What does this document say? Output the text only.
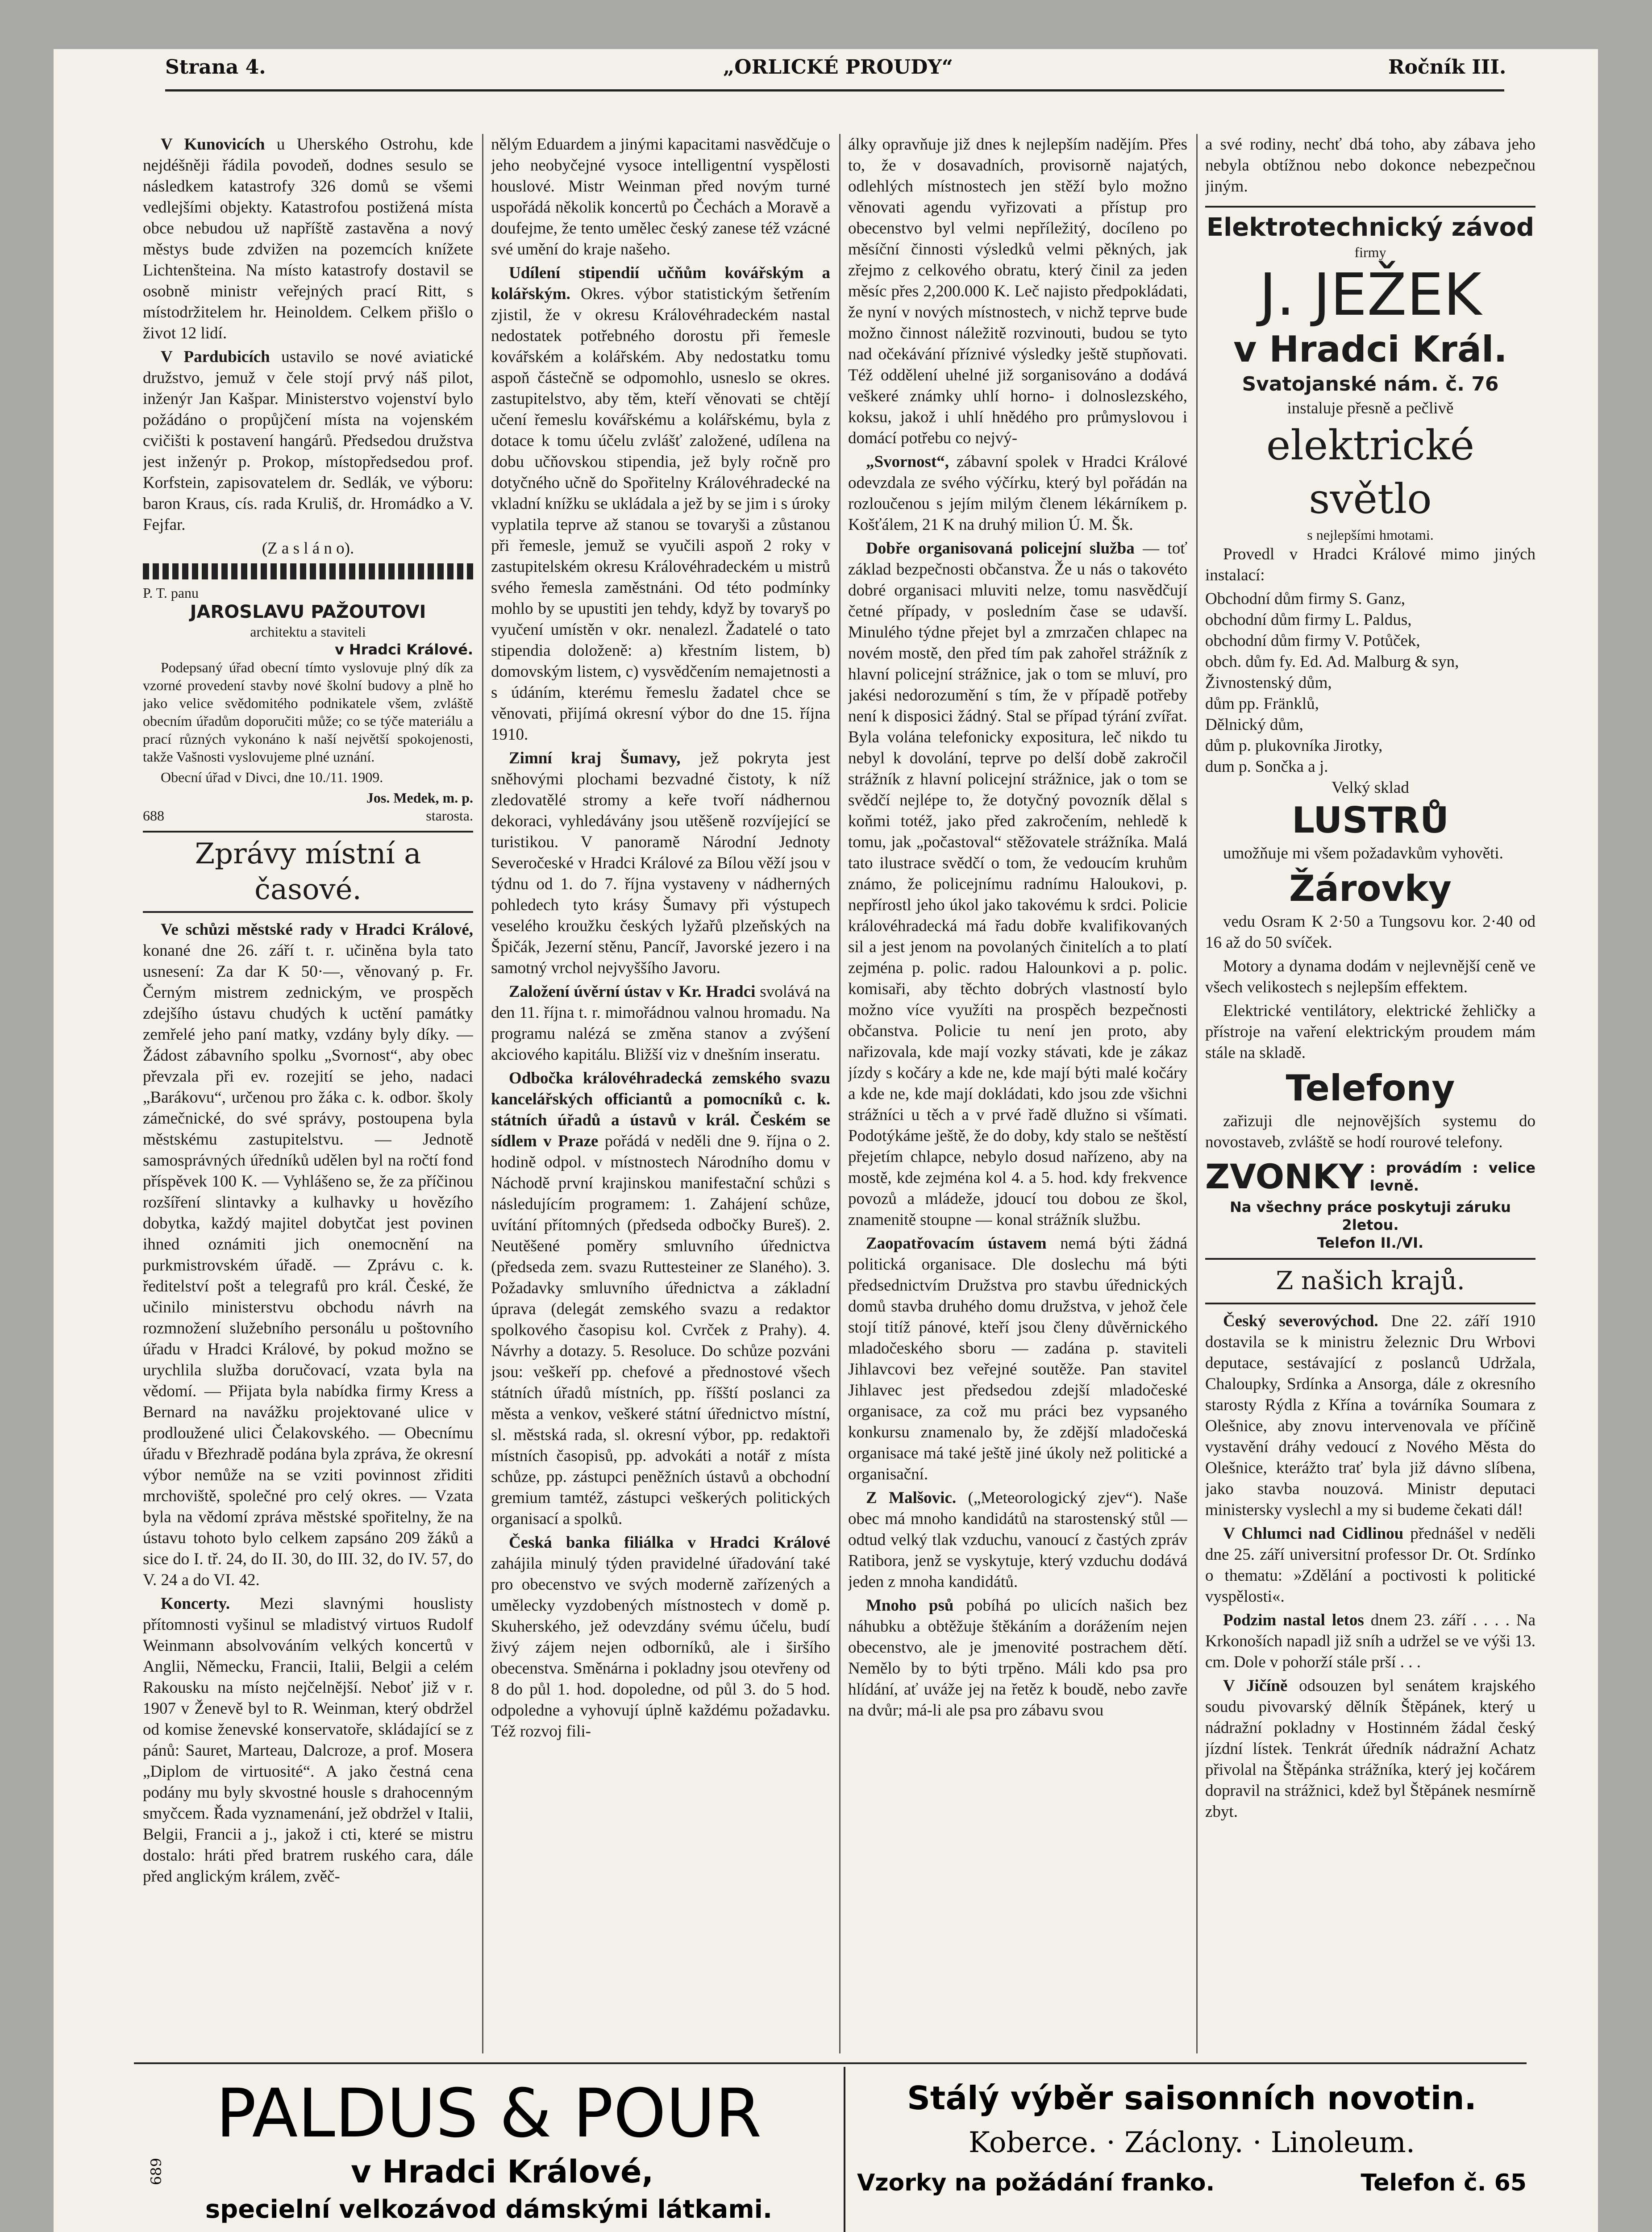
Strana 4.	„ORLICKÉ PROUDY“	Ročník III.

V Kunovicích u Uherského Ostrohu, kde nejdéšněji řádila povodeň, dodnes sesulo se následkem katastrofy 326 domů se všemi vedlejšími objekty. Katastrofou postižená místa obce nebudou už napříště zastavěna a nový městys bude zdvižen na pozemcích knížete Lichtenšteina. Na místo katastrofy dostavil se osobně ministr veřejných prací Ritt, s místodržitelem hr. Heinoldem. Celkem přišlo o život 12 lidí.

V Pardubicích ustavilo se nové aviatické družstvo, jemuž v čele stojí prvý náš pilot, inženýr Jan Kašpar. Ministerstvo vojenství bylo požádáno o propůjčení místa na vojenském cvičišti k postavení hangárů. Předsedou družstva jest inženýr p. Prokop, místopředsedou prof. Korfstein, zapisovatelem dr. Sedlák, ve výboru: baron Kraus, cís. rada Kruliš, dr. Hromádko a V. Fejfar.

(Z a s l á n o).

P. T. panu
JAROSLAVU PAŽOUTOVI
architektu a staviteli
v Hradci Králové.

Podepsaný úřad obecní tímto vyslovuje plný dík za vzorné provedení stavby nové školní budovy a plně ho jako velice svědomitého podnikatele všem, zvláště obecním úřadům doporučiti může; co se týče materiálu a prací různých vykonáno k naší největší spokojenosti, takže Vašnosti vyslovujeme plné uznání.

Obecní úřad v Divci, dne 10./11. 1909.

Jos. Medek, m. p.
688	starosta.
Zprávy místní a časové.

Ve schůzi městské rady v Hradci Králové, konané dne 26. září t. r. učiněna byla tato usnesení: Za dar K 50·—, věnovaný p. Fr. Černým mistrem zednickým, ve prospěch zdejšího ústavu chudých k uctění památky zemřelé jeho paní matky, vzdány byly díky. — Žádost zábavního spolku „Svornost“, aby obec převzala při ev. rozejití se jeho, nadaci „Barákovu“, určenou pro žáka c. k. odbor. školy zámečnické, do své správy, postoupena byla městskému zastupitelstvu. — Jednotě samosprávných úředníků udělen byl na ročtí fond příspěvek 100 K. — Vyhlášeno se, že za příčinou rozšíření slintavky a kulhavky u hovězího dobytka, každý majitel dobytčat jest povinen ihned oznámiti jich onemocnění na purkmistrovském úřadě. — Zprávu c. k. ředitelství pošt a telegrafů pro král. České, že učinilo ministerstvu obchodu návrh na rozmnožení služebního personálu u poštovního úřadu v Hradci Králové, by pokud možno se urychlila služba doručovací, vzata byla na vědomí. — Přijata byla nabídka firmy Kress a Bernard na navážku projektované ulice v prodloužené ulici Čelakovského. — Obecnímu úřadu v Březhradě podána byla zpráva, že okresní výbor nemůže na se vziti povinnost zřiditi mrchoviště, společné pro celý okres. — Vzata byla na vědomí zpráva městské spořitelny, že na ústavu tohoto bylo celkem zapsáno 209 žáků a sice do I. tř. 24, do II. 30, do III. 32, do IV. 57, do V. 24 a do VI. 42.

Koncerty. Mezi slavnými houslisty přítomnosti vyšinul se mladistvý virtuos Rudolf Weinmann absolvováním velkých koncertů v Anglii, Německu, Francii, Italii, Belgii a celém Rakousku na místo nejčelnější. Neboť již v r. 1907 v Ženevě byl to R. Weinman, který obdržel od komise ženevské konservatoře, skládající se z pánů: Sauret, Marteau, Dalcroze, a prof. Mosera „Diplom de virtuosité“. A jako čestná cena podány mu byly skvostné housle s drahocenným smyčcem. Řada vyznamenání, jež obdržel v Italii, Belgii, Francii a j., jakož i cti, které se mistru dostalo: hráti před bratrem ruského cara, dále před anglickým králem, zvěč-

nělým Eduardem a jinými kapacitami nasvědčuje o jeho neobyčejné vysoce intelligentní vyspělosti houslové. Mistr Weinman před novým turné uspořádá několik koncertů po Čechách a Moravě a doufejme, že tento umělec český zanese též vzácné své umění do kraje našeho.

Udílení stipendií učňům kovářským a kolářským. Okres. výbor statistickým šetřením zjistil, že v okresu Královéhradeckém nastal nedostatek potřebného dorostu při řemesle kovářském a kolářském. Aby nedostatku tomu aspoň částečně se odpomohlo, usneslo se okres. zastupitelstvo, aby těm, kteří věnovati se chtějí učení řemeslu kovářskému a kolářskému, byla z dotace k tomu účelu zvlášť založené, udílena na dobu učňovskou stipendia, jež byly ročně pro dotyčného učně do Spořitelny Královéhradecké na vkladní knížku se ukládala a jež by se jim i s úroky vyplatila teprve až stanou se tovaryši a zůstanou při řemesle, jemuž se vyučili aspoň 2 roky v zastupitelském okresu Královéhradeckém u mistrů svého řemesla zaměstnáni. Od této podmínky mohlo by se upustiti jen tehdy, když by tovaryš po vyučení umístěn v okr. nenalezl. Žadatelé o tato stipendia doloženě: a) křestním listem, b) domovským listem, c) vysvědčením nemajetnosti a s údáním, kterému řemeslu žadatel chce se věnovati, přijímá okresní výbor do dne 15. října 1910.

Zimní kraj Šumavy, jež pokryta jest sněhovými plochami bezvadné čistoty, k níž zledovatělé stromy a keře tvoří nádhernou dekoraci, vyhledávány jsou utěšeně rozvíjející se turistikou. V panoramě Národní Jednoty Severočeské v Hradci Králové za Bílou věží jsou v týdnu od 1. do 7. října vystaveny v nádherných pohledech tyto krásy Šumavy při výstupech veselého kroužku českých lyžařů plzeňských na Špičák, Jezerní stěnu, Pancíř, Javorské jezero i na samotný vrchol nejvyššího Javoru.

Založení úvěrní ústav v Kr. Hradci svolává na den 11. října t. r. mimořádnou valnou hromadu. Na programu nalézá se změna stanov a zvýšení akciového kapitálu. Bližší viz v dnešním inseratu.

Odbočka královéhradecká zemského svazu kancelářských officiantů a pomocníků c. k. státních úřadů a ústavů v král. Českém se sídlem v Praze pořádá v neděli dne 9. října o 2. hodině odpol. v místnostech Národního domu v Náchodě první krajinskou manifestační schůzi s následujícím programem: 1. Zahájení schůze, uvítání přítomných (předseda odbočky Bureš). 2. Neutěšené poměry smluvního úřednictva (předseda zem. svazu Ruttesteiner ze Slaného). 3. Požadavky smluvního úřednictva a základní úprava (delegát zemského svazu a redaktor spolkového časopisu kol. Cvrček z Prahy). 4. Návrhy a dotazy. 5. Resoluce. Do schůze pozváni jsou: veškeří pp. chefové a přednostové všech státních úřadů místních, pp. říšští poslanci za města a venkov, veškeré státní úřednictvo místní, sl. městská rada, sl. okresní výbor, pp. redaktoři místních časopisů, pp. advokáti a notář z místa schůze, pp. zástupci peněžních ústavů a obchodní gremium tamtéž, zástupci veškerých politických organisací a spolků.

Česká banka filiálka v Hradci Králové zahájila minulý týden pravidelné úřadování také pro obecenstvo ve svých moderně zařízených a umělecky vyzdobených místnostech v domě p. Skuherského, jež odevzdány svému účelu, budí živý zájem nejen odborníků, ale i širšího obecenstva. Směnárna i pokladny jsou otevřeny od 8 do půl 1. hod. dopoledne, od půl 3. do 5 hod. odpoledne a vyhovují úplně každému požadavku. Též rozvoj fili-

álky opravňuje již dnes k nejlepším nadějím. Přes to, že v dosavadních, provisorně najatých, odlehlých místnostech jen stěží bylo možno věnovati agendu vyřizovati a přístup pro obecenstvo byl velmi nepříležitý, docíleno po měsíční činnosti výsledků velmi pěkných, jak zřejmo z celkového obratu, který činil za jeden měsíc přes 2,200.000 K. Leč najisto předpokládati, že nyní v nových místnostech, v nichž teprve bude možno činnost náležitě rozvinouti, budou se tyto nad očekávání příznivé výsledky ještě stupňovati. Též oddělení uhelné již sorganisováno a dodává veškeré známky uhlí horno- i dolnoslezského, koksu, jakož i uhlí hnědého pro průmyslovou i domácí potřebu co nejvý-

„Svornost“, zábavní spolek v Hradci Králové odevzdala ze svého výčírku, který byl pořádán na rozloučenou s jejím milým členem lékárníkem p. Košťálem, 21 K na druhý milion Ú. M. Šk.

Dobře organisovaná policejní služba — toť základ bezpečnosti občanstva. Že u nás o takovéto dobré organisaci mluviti nelze, tomu nasvědčují četné případy, v posledním čase se udavší. Minulého týdne přejet byl a zmrzačen chlapec na novém mostě, den před tím pak zahořel strážník z hlavní policejní strážnice, jak o tom se mluví, pro jakési nedorozumění s tím, že v případě potřeby není k disposici žádný. Stal se případ týrání zvířat. Byla volána telefonicky expositura, leč nikdo tu nebyl k dovolání, teprve po delší době zakročil strážník z hlavní policejní strážnice, jak o tom se svědčí nejlépe to, že dotyčný povozník dělal s koňmi totéž, jako před zakročením, nehledě k tomu, jak „počastoval“ stěžovatele strážníka. Malá tato ilustrace svědčí o tom, že vedoucím kruhům známo, že policejnímu radnímu Haloukovi, p. nepřírostl jeho úkol jako takovému k srdci. Policie královéhradecká má řadu dobře kvalifikovaných sil a jest jenom na povolaných činitelích a to platí zejména p. polic. radou Halounkovi a p. polic. komisaři, aby těchto dobrých vlastností bylo možno více využíti na prospěch bezpečnosti občanstva. Policie tu není jen proto, aby nařizovala, kde mají vozky stávati, kde je zákaz jízdy s kočáry a kde ne, kde mají býti malé kočáry a kde ne, kde mají dokládati, kdo jsou zde všichni strážníci u těch a v prvé řadě dlužno si všímati. Podotýkáme ještě, že do doby, kdy stalo se neštěstí přejetím chlapce, nebylo dosud nařízeno, aby na mostě, kde zejména kol 4. a 5. hod. kdy frekvence povozů a mládeže, jdoucí tou dobou ze škol, znamenitě stoupne — konal strážník službu.

Zaopatřovacím ústavem nemá býti žádná politická organisace. Dle doslechu má býti předsednictvím Družstva pro stavbu úřednických domů stavba druhého domu družstva, v jehož čele stojí titíž pánové, kteří jsou členy důvěrnického mladočeského sboru — zadána p. staviteli Jihlavcovi bez veřejné soutěže. Pan stavitel Jihlavec jest předsedou zdejší mladočeské organisace, za což mu práci bez vypsaného konkursu znamenalo by, že zdější mladočeská organisace má také ještě jiné úkoly než politické a organisační.

Z Malšovic. („Meteorologický zjev“). Naše obec má mnoho kandidátů na starostenský stůl — odtud velký tlak vzduchu, vanoucí z častých zpráv Ratibora, jenž se vyskytuje, který vzduchu dodává jeden z mnoha kandidátů.

Mnoho psů pobíhá po ulicích našich bez náhubku a obtěžuje štěkáním a dorážením nejen obecenstvo, ale je jmenovité postrachem dětí. Nemělo by to býti trpěno. Máli kdo psa pro hlídání, ať uváže jej na řetěz k boudě, nebo zavře na dvůr; má-li ale psa pro zábavu svou

a své rodiny, nechť dbá toho, aby zábava jeho nebyla obtížnou nebo dokonce nebezpečnou jiným.

Elektrotechnický závod
firmy
J. JEŽEK
v Hradci Král.
Svatojanské nám. č. 76
instaluje přesně a pečlivě
elektrické světlo
s nejlepšími hmotami.

Provedl v Hradci Králové mimo jiných instalací:

Obchodní dům firmy S. Ganz,
obchodní dům firmy L. Paldus,
obchodní dům firmy V. Potůček,
obch. dům fy. Ed. Ad. Malburg & syn,
Živnostenský dům,
dům pp. Fränklů,
Dělnický dům,
dům p. plukovníka Jirotky,
dum p. Sončka a j.
Velký sklad
LUSTRŮ

umožňuje mi všem požadavkům vyhověti.

Žárovky

vedu Osram K 2·50 a Tungsovu kor. 2·40 od 16 až do 50 svíček.

Motory a dynama dodám v nejlevnější ceně ve všech velikostech s nejlepším effektem.

Elektrické ventilátory, elektrické žehličky a přístroje na vaření elektrickým proudem mám stále na skladě.

Telefony

zařizuji dle nejnovějších systemu do novostaveb, zvláště se hodí rourové telefony.

ZVONKY : provádím : velice levně.
Na všechny práce poskytuji záruku 2letou.
Telefon II./VI.
Z našich krajů.

Český severovýchod. Dne 22. září 1910 dostavila se k ministru železnic Dru Wrbovi deputace, sestávající z poslanců Udržala, Chaloupky, Srdínka a Ansorga, dále z okresního starosty Rýdla z Křína a továrníka Soumara z Olešnice, aby znovu intervenovala ve příčině vystavění dráhy vedoucí z Nového Města do Olešnice, kterážto trať byla již dávno slíbena, jako stavba nouzová. Ministr deputaci ministersky vyslechl a my si budeme čekati dál!

V Chlumci nad Cidlinou přednášel v neděli dne 25. září universitní professor Dr. Ot. Srdínko o thematu: »Zdělání a poctivosti k politické vyspělosti«.

Podzim nastal letos dnem 23. září . . . . Na Krkonoších napadl již sníh a udržel se ve výši 13. cm. Dole v pohorží stále prší . . .

V Jičíně odsouzen byl senátem krajského soudu pivovarský dělník Štěpánek, který u nádražní pokladny v Hostinném žádal český jízdní lístek. Tenkrát úředník nádražní Achatz přivolal na Štěpánka strážníka, který jej kočárem dopravil na strážnici, kdež byl Štěpánek nesmírně zbyt.

PALDUS & POUR
689	v Hradci Králové,
specielní velkozávod dámskými látkami.
Stálý výběr saisonních novotin.
Koberce. · Záclony. · Linoleum.
Vzorky na požádání franko.	Telefon č. 65
